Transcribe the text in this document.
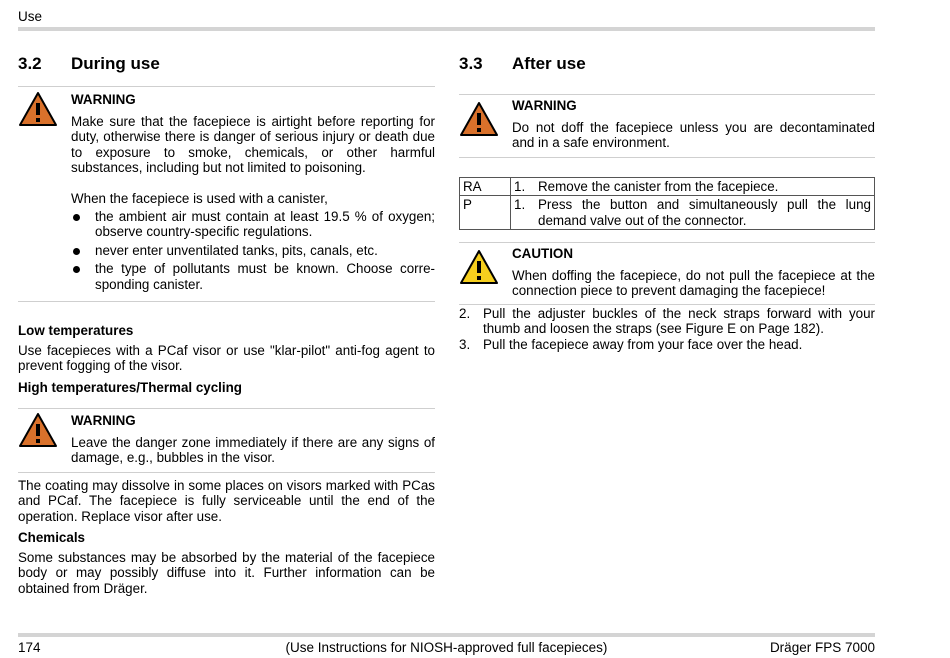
Use
3.2	During use
WARNING

Make sure that the facepiece is airtight before reporting for duty, otherwise there is danger of serious injury or death due to exposure to smoke, chemicals, or other harmful substances, including but not limited to poisoning.

When the facepiece is used with a canister,

the ambient air must contain at least 19.5 % of oxygen; observe country-specific regulations.
never enter unventilated tanks, pits, canals, etc.
the type of pollutants must be known. Choose corre-sponding canister.
Low temperatures

Use facepieces with a PCaf visor or use "klar-pilot" anti-fog agent to prevent fogging of the visor.

High temperatures/Thermal cycling
WARNING

Leave the danger zone immediately if there are any signs of damage, e.g., bubbles in the visor.

The coating may dissolve in some places on visors marked with PCas and PCaf. The facepiece is fully serviceable until the end of the operation. Replace visor after use.

Chemicals

Some substances may be absorbed by the material of the facepiece body or may possibly diffuse into it. Further information can be obtained from Dräger.

3.3	After use
WARNING

Do not doff the facepiece unless you are decontaminated and in a safe environment.

RA	1. Remove the canister from the facepiece.

P	1. Press the button and simultaneously pull the lung demand valve out of the connector.
CAUTION

When doffing the facepiece, do not pull the facepiece at the connection piece to prevent damaging the facepiece!

2. Pull the adjuster buckles of the neck straps forward with your thumb and loosen the straps (see Figure E on Page 182).
3. Pull the facepiece away from your face over the head.
174	(Use Instructions for NIOSH-approved full facepieces)	Dräger FPS 7000
